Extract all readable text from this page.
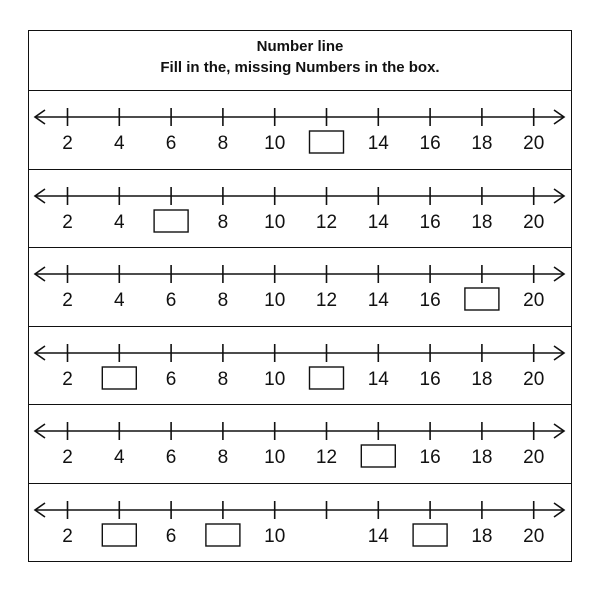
Number line
Fill in the, missing Numbers in the box.
2 4 6 8 10	14 16 18 20
2 4	8 10 12 14 16 18 20
2 4 6 8 10 12 14 16	20
2	6 8 10	14 16 18 20
2 4 6 8 10 12	16 18 20
2	6	10	14	18 20
